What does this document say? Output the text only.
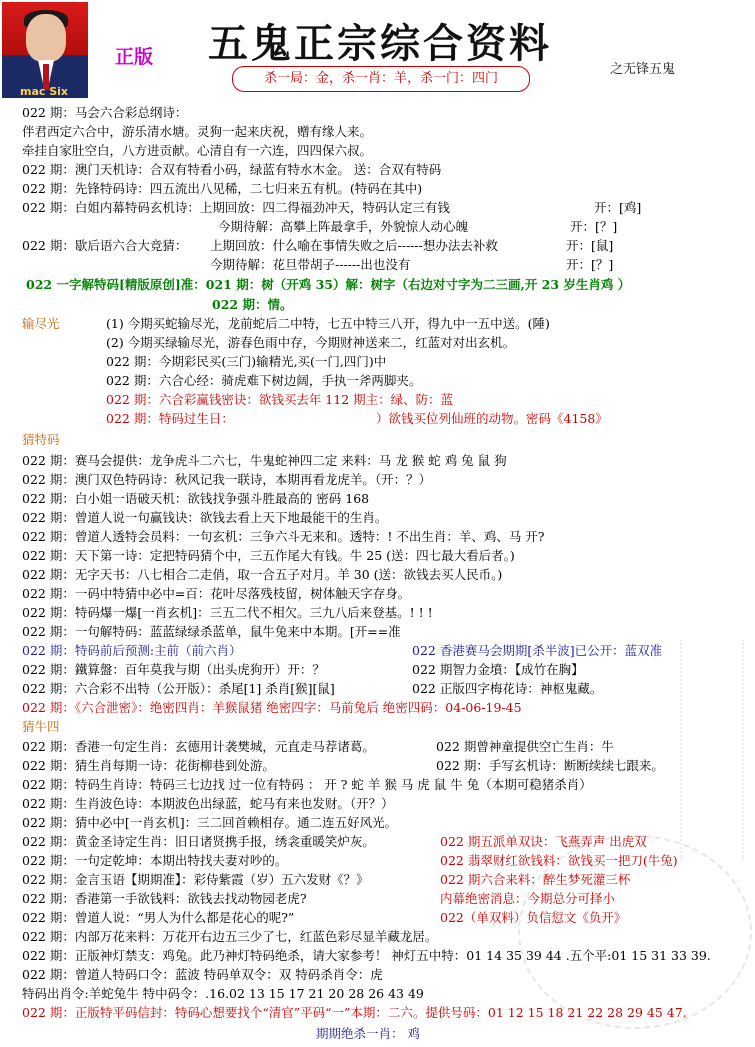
mac Six
正版	五鬼正宗综合资料
杀一局：金，杀一肖：羊，杀一门：四门
之无锋五鬼
022 期：马会六合彩总纲诗：
伴君西定六合中，游乐清水塘。灵狗一起来庆祝，赠有缘人来。
牵挂自家肚空白，八方进贡献。心清自有一六连，四四保六叔。
022 期：澳门天机诗：合双有特看小码，绿蓝有特水木金。 送：合双有特码
022 期：先锋特码诗：四五流出八见稀，二七归来五有机。(特码在其中)
022 期：白姐内幕特码玄机诗：上期回放：四二得福劲冲天，特码认定三有钱	开：[鸡]
今期待解：高攀上阵最拿手，外貌惊人动心魄	开：[？]
022 期：歇后语六合大竞猜： 上期回放：什么喻在事情失败之后------想办法去补救	开：[鼠]
今期待解：花旦带胡子------出也没有	开：[？]
022 一字解特码[精版原创]准：021 期：树（开鸡 35）解：树字（右边对寸字为二三画,开 23 岁生肖鸡 ）
022 期：情。
输尽光	(1) 今期买蛇输尽光，龙前蛇后二中特，七五中特三八开，得九中一五中送。(陲)
(2) 今期买绿输尽光，游春色雨中存，今期财神送来二，红蓝对对出玄机。
022 期：今期彩民买(三门)输精光,买(一门,四门)中
022 期：六合心经：骑虎难下树边阔，手执一斧两脚夹。
022 期：六合彩赢钱密诀：欲钱买去年 112 期主：绿、防：蓝
022 期：特码过生日：	）欲钱买位列仙班的动物。密码《4158》
猜特码
022 期：赛马会提供：龙争虎斗二六七，牛鬼蛇神四二定 来料：马 龙 猴 蛇 鸡 兔 鼠 狗
022 期：澳门双色特码诗：秋风记我一联诗，本期再看龙虎羊。（开：？）
022 期：白小姐一语破天机：欲钱找争强斗胜最高的 密码 168
022 期：曾道人说一句赢钱诀：欲钱去看上天下地最能干的生肖。
022 期：曾道人透特会员料：一句玄机：三争六斗无来和。透特：! 不出生肖：羊、鸡、马 开?
022 期：天下第一诗：定把特码猜个中，三五作尾大有钱。牛 25 (送：四七最大看后者。)
022 期：无字天书：八七相合二走俏，取一合五子对月。羊 30 (送：欲钱去买人民币。)
022 期：一码中特猜中必中=百：花叶尽落残枝留，树体触天字存身。
022 期：特码爆一爆[一肖玄机]：三五二代不相欠。三九八后来登基。! ! !
022 期：一句解特码：蓝蓝绿绿杀蓝单，鼠牛兔来中本期。[开==准
022 期：特码前后预测:主前（前六肖）	022 香港赛马会期期[杀半波]已公开：蓝双准
022 期：鐵算盤：百年莫我与期（出头虎狗开）开：？	022 期智力金墳：【成竹在胸】
022 期：六合彩不出特（公开版）：杀尾[1] 杀肖[猴][鼠]	022 正版四字梅花诗：神枢鬼藏。
022 期：《六合泄密》：绝密四肖：羊猴鼠猪 绝密四字：马前兔后 绝密四码：04-06-19-45
猜牛四
022 期：香港一句定生肖：玄德用计袭樊城，元直走马荐诸葛。	022 期曾神童提供空亡生肖：牛
022 期：猜生肖每期一诗：花街柳巷到处游。	022 期：手写玄机诗：断断续续七跟来。
022 期：特码生肖诗：特码三七边找 过一位有特码 ： 开 ? 蛇 羊 猴 马 虎 鼠 牛 兔（本期可稳猪杀肖）
022 期：生肖波色诗：本期波色出绿蓝，蛇马有来也发财。（开？）
022 期：猜中必中[一肖玄机]：三二回首赖相存。通二连五好风光。
022 期：黄金圣诗定生肖：旧日诸贤携手报，绣衾重暖笑炉灰。	022 期五派单双诀：飞燕弄声 出虎双
022 期：一句定乾坤：本期出特找夫妻对吵的。	022 翡翠财红欲钱料：欲钱买一把刀(牛兔)
022 期：金言玉语【期期准】：彩侍紫霞（岁）五六发财《？》	022 期六合来料：醉生梦死灌三杯
022 期：香港第一手欲钱料：欲钱去找动物园老虎?	内幕绝密消息：今期总分可择小
022 期：曾道人说：“男人为什么都是花心的呢?”	022（单双料）负信愆文《负开》
022 期：内部万花来料：万花开右边五三少了七，红蓝色彩尽显羊藏龙居。
022 期：正版神灯禁支：鸡兔。此乃神灯特码绝杀，请大家参考！ 神灯五中特：01 14 35 39 44 .五个平:01 15 31 33 39.
022 期：曾道人特码口令：蓝波 特码单双令：双 特码杀肖令：虎
特码出肖令:羊蛇兔牛 特中码令：.16.02 13 15 17 21 20 28 26 43 49
022 期：正版特平码信封：特码心想要找个“清官”平码“一”本期：二六。提供号码：01 12 15 18 21 22 28 29 45 47.
期期绝杀一肖： 鸡
